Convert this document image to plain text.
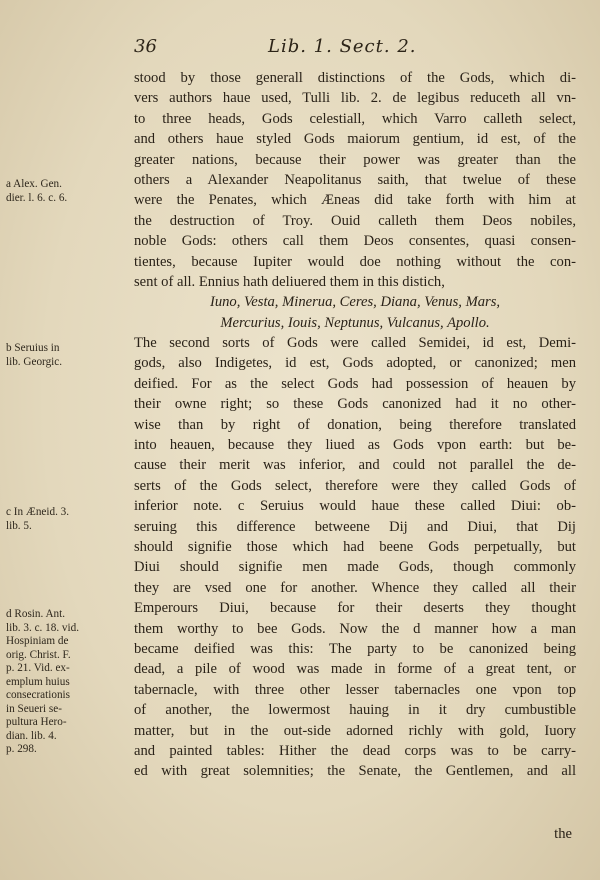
36	Lib. 1. Sect. 2.
stood by those generall distinctions of the Gods, which di-
vers authors haue used, Tulli lib. 2. de legibus reduceth all vn-
to three heads, Gods celestiall, which Varro calleth select,
and others haue styled Gods maiorum gentium, id est, of the
greater nations, because their power was greater than the
others a Alexander Neapolitanus saith, that twelue of these
were the Penates, which Æneas did take forth with him at
the destruction of Troy. Ouid calleth them Deos nobiles,
noble Gods: others call them Deos consentes, quasi consen-
tientes, because Iupiter would doe nothing without the con-
sent of all. Ennius hath deliuered them in this distich,
Iuno, Vesta, Minerua, Ceres, Diana, Venus, Mars,
Mercurius, Iouis, Neptunus, Vulcanus, Apollo.
The second sorts of Gods were called Semidei, id est, Demi-
gods, also Indigetes, id est, Gods adopted, or canonized; men
deified. For as the select Gods had possession of heauen by
their owne right; so these Gods canonized had it no other-
wise than by right of donation, being therefore translated
into heauen, because they liued as Gods vpon earth: but be-
cause their merit was inferior, and could not parallel the de-
serts of the Gods select, therefore were they called Gods of
inferior note. c Seruius would haue these called Diui: ob-
seruing this difference betweene Dij and Diui, that Dij
should signifie those which had beene Gods perpetually, but
Diui should signifie men made Gods, though commonly
they are vsed one for another. Whence they called all their
Emperours Diui, because for their deserts they thought
them worthy to bee Gods. Now the d manner how a man
became deified was this: The party to be canonized being
dead, a pile of wood was made in forme of a great tent, or
tabernacle, with three other lesser tabernacles one vpon top
of another, the lowermost hauing in it dry cumbustible
matter, but in the out-side adorned richly with gold, Iuory
and painted tables: Hither the dead corps was to be carry-
ed with great solemnities; the Senate, the Gentlemen, and all
a Alex. Gen.
dier. l. 6. c. 6.
b Seruius in
lib. Georgic.
c In Æneid. 3.
lib. 5.
d Rosin. Ant.
lib. 3. c. 18. vid.
Hospiniam de
orig. Christ. F.
p. 21. Vid. ex-
emplum huius
consecrationis
in Seueri se-
pultura Hero-
dian. lib. 4.
p. 298.
the
